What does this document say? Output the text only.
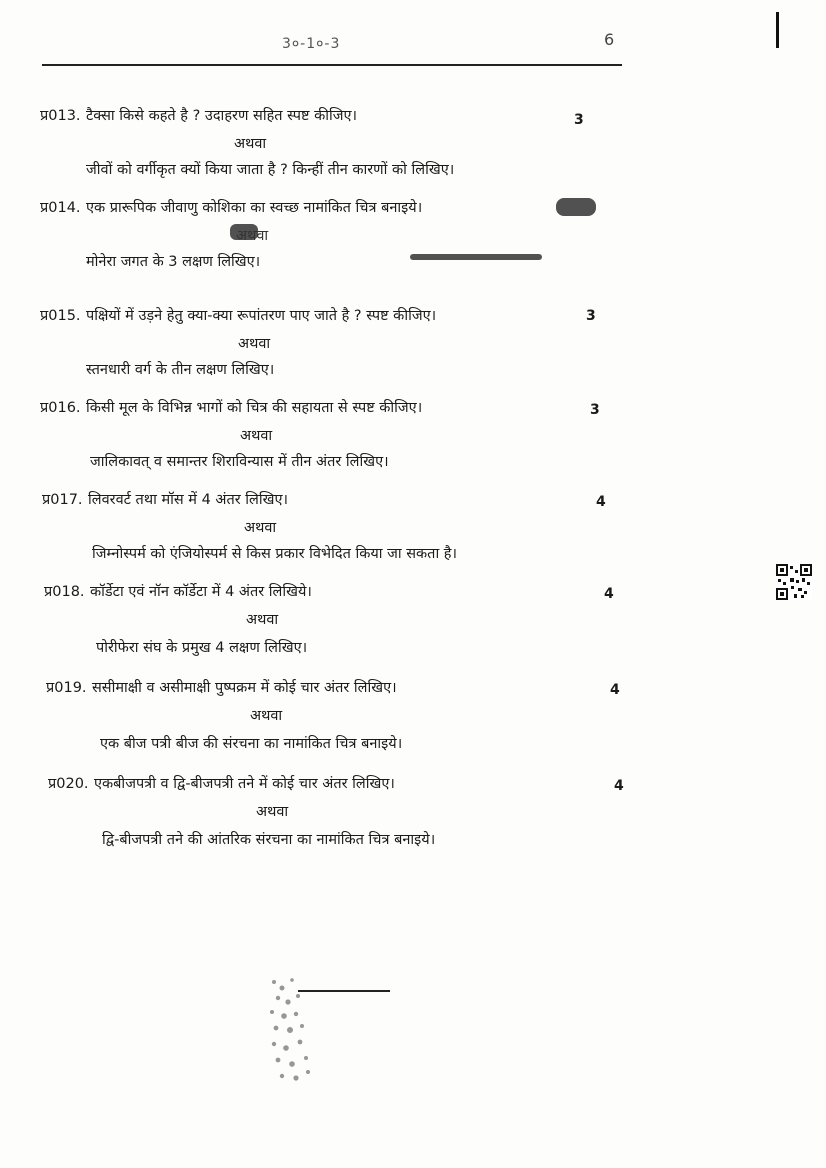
3०-1०-3	6
प्र013. टैक्सा किसे कहते है ? उदाहरण सहित स्पष्ट कीजिए।	3
अथवा
जीवों को वर्गीकृत क्यों किया जाता है ? किन्हीं तीन कारणों को लिखिए।
प्र014. एक प्रारूपिक जीवाणु कोशिका का स्वच्छ नामांकित चित्र बनाइये।
अथवा
मोनेरा जगत के 3 लक्षण लिखिए।
प्र015. पक्षियों में उड़ने हेतु क्या-क्या रूपांतरण पाए जाते है ? स्पष्ट कीजिए।	3
अथवा
स्तनधारी वर्ग के तीन लक्षण लिखिए।
प्र016. किसी मूल के विभिन्न भागों को चित्र की सहायता से स्पष्ट कीजिए।	3
अथवा
जालिकावत् व समान्तर शिराविन्यास में तीन अंतर लिखिए।
प्र017. लिवरवर्ट तथा मॉस में 4 अंतर लिखिए।	4
अथवा
जिम्नोस्पर्म को एंजियोस्पर्म से किस प्रकार विभेदित किया जा सकता है।
प्र018. कॉर्डेटा एवं नॉन कॉर्डेटा में 4 अंतर लिखिये।	4
अथवा
पोरीफेरा संघ के प्रमुख 4 लक्षण लिखिए।
प्र019. ससीमाक्षी व असीमाक्षी पुष्पक्रम में कोई चार अंतर लिखिए।	4
अथवा
एक बीज पत्री बीज की संरचना का नामांकित चित्र बनाइये।
प्र020. एकबीजपत्री व द्वि-बीजपत्री तने में कोई चार अंतर लिखिए।	4
अथवा
द्वि-बीजपत्री तने की आंतरिक संरचना का नामांकित चित्र बनाइये।
